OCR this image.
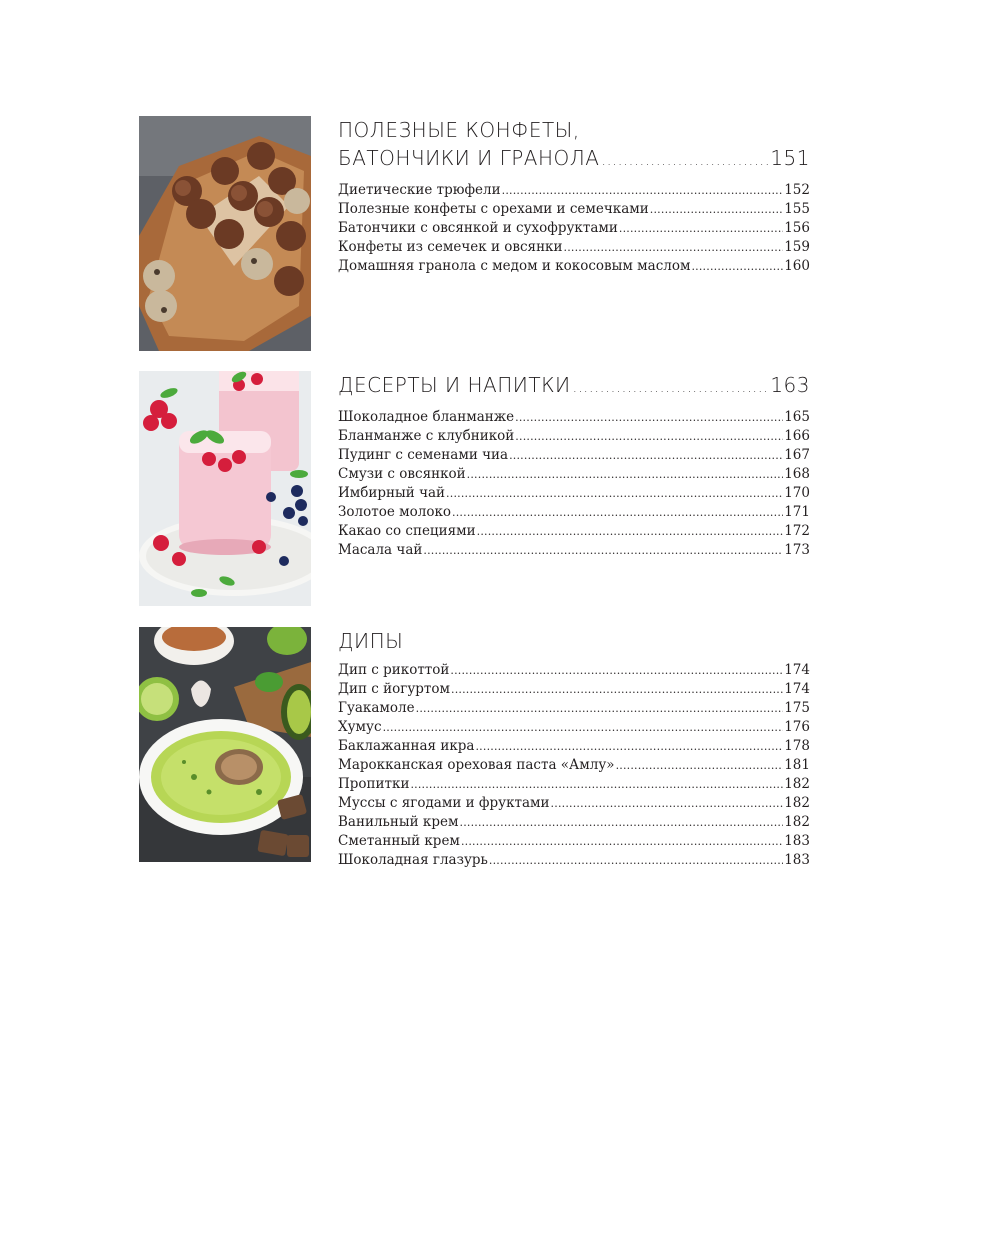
ПОЛЕЗНЫЕ КОНФЕТЫ,
БАТОНЧИКИ И ГРАНОЛА .....	151
Диетические трюфели .....	152
Полезные конфеты с орехами и семечками .....	155
Батончики с овсянкой и сухофруктами .....	156
Конфеты из семечек и овсянки .....	159
Домашняя гранола с медом и кокосовым маслом .....	160
ДЕСЕРТЫ И НАПИТКИ .....	163
Шоколадное бланманже .....	165
Бланманже с клубникой .....	166
Пудинг с семенами чиа .....	167
Смузи с овсянкой .....	168
Имбирный чай .....	170
Золотое молоко .....	171
Какао со специями .....	172
Масала чай .....	173
ДИПЫ
Дип с рикоттой .....	174
Дип с йогуртом .....	174
Гуакамоле .....	175
Хумус .....	176
Баклажанная икра .....	178
Марокканская ореховая паста «Амлу» .....	181
Пропитки .....	182
Муссы с ягодами и фруктами .....	182
Ванильный крем .....	182
Сметанный крем .....	183
Шоколадная глазурь .....	183
